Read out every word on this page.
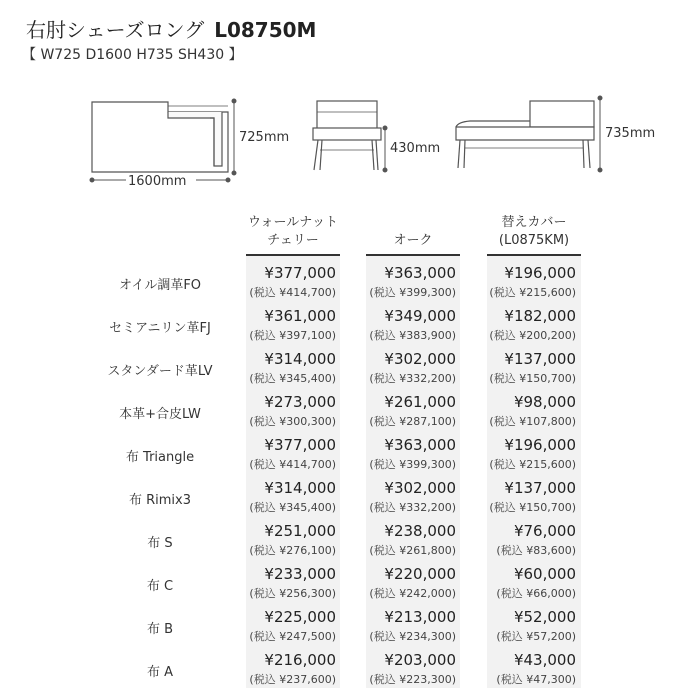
右肘シェーズロング L08750M
【 W725 D1600 H735 SH430 】
725mm
1600mm
430mm
735mm
ウォールナット
チェリー	オーク
替えカバー
(L0875KM)
オイル調革FO
¥377,000
(税込 ¥414,700)
¥363,000
(税込 ¥399,300)
¥196,000
(税込 ¥215,600)
セミアニリン革FJ
¥361,000
(税込 ¥397,100)
¥349,000
(税込 ¥383,900)
¥182,000
(税込 ¥200,200)
スタンダード革LV
¥314,000
(税込 ¥345,400)
¥302,000
(税込 ¥332,200)
¥137,000
(税込 ¥150,700)
本革+合皮LW
¥273,000
(税込 ¥300,300)
¥261,000
(税込 ¥287,100)
¥98,000
(税込 ¥107,800)
布 Triangle
¥377,000
(税込 ¥414,700)
¥363,000
(税込 ¥399,300)
¥196,000
(税込 ¥215,600)
布 Rimix3
¥314,000
(税込 ¥345,400)
¥302,000
(税込 ¥332,200)
¥137,000
(税込 ¥150,700)
布 S
¥251,000
(税込 ¥276,100)
¥238,000
(税込 ¥261,800)
¥76,000
(税込 ¥83,600)
布 C
¥233,000
(税込 ¥256,300)
¥220,000
(税込 ¥242,000)
¥60,000
(税込 ¥66,000)
布 B
¥225,000
(税込 ¥247,500)
¥213,000
(税込 ¥234,300)
¥52,000
(税込 ¥57,200)
布 A
¥216,000
(税込 ¥237,600)
¥203,000
(税込 ¥223,300)
¥43,000
(税込 ¥47,300)
